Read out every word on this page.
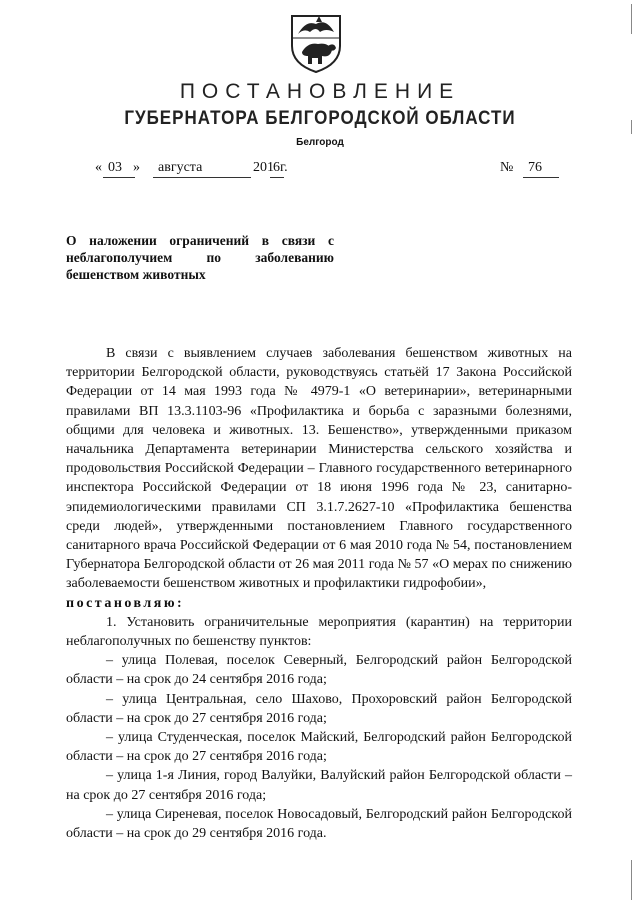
ПОСТАНОВЛЕНИЕ
ГУБЕРНАТОРА БЕЛГОРОДСКОЙ ОБЛАСТИ
Белгород
« 03 » августа	201 6г.	№ 76
О наложении ограничений в связи с неблагополучием по заболеванию бешенством животных

В связи с выявлением случаев заболевания бешенством животных на территории Белгородской области, руководствуясь статьёй 17 Закона Российской Федерации от 14 мая 1993 года № 4979-1 «О ветеринарии», ветеринарными правилами ВП 13.3.1103-96 «Профилактика и борьба с заразными болезнями, общими для человека и животных. 13. Бешенство», утвержденными приказом начальника Департамента ветеринарии Министерства сельского хозяйства и продовольствия Российской Федерации – Главного государственного ветеринарного инспектора Российской Федерации от 18 июня 1996 года № 23, санитарно-эпидемиологическими правилами СП 3.1.7.2627-10 «Профилактика бешенства среди людей», утвержденными постановлением Главного государственного санитарного врача Российской Федерации от 6 мая 2010 года № 54, постановлением Губернатора Белгородской области от 26 мая 2011 года № 57 «О мерах по снижению заболеваемости бешенством животных и профилактики гидрофобии»,

постановляю:

1. Установить ограничительные мероприятия (карантин) на территории неблагополучных по бешенству пунктов:

– улица Полевая, поселок Северный, Белгородский район Белгородской области – на срок до 24 сентября 2016 года;

– улица Центральная, село Шахово, Прохоровский район Белгородской области – на срок до 27 сентября 2016 года;

– улица Студенческая, поселок Майский, Белгородский район Белгородской области – на срок до 27 сентября 2016 года;

– улица 1-я Линия, город Валуйки, Валуйский район Белгородской области – на срок до 27 сентября 2016 года;

– улица Сиреневая, поселок Новосадовый, Белгородский район Белгородской области – на срок до 29 сентября 2016 года.
